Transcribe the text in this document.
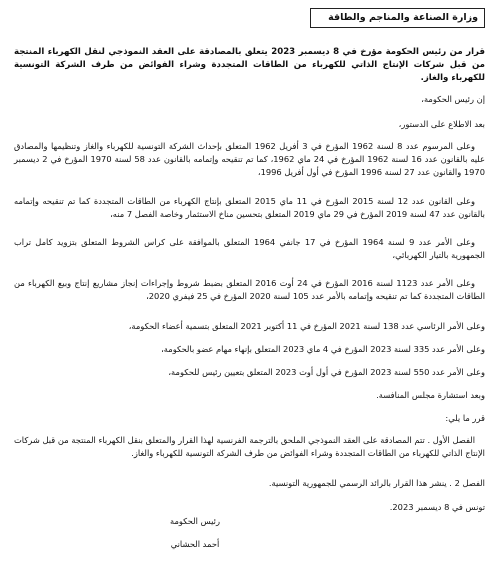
وزارة الصناعة والمناجم والطاقة
قرار من رئيس الحكومة مؤرخ في 8 ديسمبر 2023 يتعلق بالمصادقة على العقد النموذجي لنقل الكهرباء المنتجة من قبل شركات الإنتاج الذاتي للكهرباء من الطاقات المتجددة وشراء الفوائض من طرف الشركة التونسية للكهرباء والغاز.

إن رئيس الحكومة،

بعد الاطلاع على الدستور،

وعلى المرسوم عدد 8 لسنة 1962 المؤرخ في 3 أفريل 1962 المتعلق بإحداث الشركة التونسية للكهرباء والغاز وتنظيمها والمصادق عليه بالقانون عدد 16 لسنة 1962 المؤرخ في 24 ماي 1962، كما تم تنقيحه وإتمامه بالقانون عدد 58 لسنة 1970 المؤرخ في 2 ديسمبر 1970 والقانون عدد 27 لسنة 1996 المؤرخ في أول أفريل 1996،

وعلى القانون عدد 12 لسنة 2015 المؤرخ في 11 ماي 2015 المتعلق بإنتاج الكهرباء من الطاقات المتجددة كما تم تنقيحه وإتمامه بالقانون عدد 47 لسنة 2019 المؤرخ في 29 ماي 2019 المتعلق بتحسين مناخ الاستثمار وخاصة الفصل 7 منه،

وعلى الأمر عدد 9 لسنة 1964 المؤرخ في 17 جانفي 1964 المتعلق بالموافقة على كراس الشروط المتعلق بتزويد كامل تراب الجمهورية بالتيار الكهربائي،

وعلى الأمر عدد 1123 لسنة 2016 المؤرخ في 24 أوت 2016 المتعلق بضبط شروط وإجراءات إنجاز مشاريع إنتاج وبيع الكهرباء من الطاقات المتجددة كما تم تنقيحه وإتمامه بالأمر عدد 105 لسنة 2020 المؤرخ في 25 فيفري 2020،

وعلى الأمر الرئاسي عدد 138 لسنة 2021 المؤرخ في 11 أكتوبر 2021 المتعلق بتسمية أعضاء الحكومة،

وعلى الأمر عدد 335 لسنة 2023 المؤرخ في 4 ماي 2023 المتعلق بإنهاء مهام عضو بالحكومة،

وعلى الأمر عدد 550 لسنة 2023 المؤرخ في أول أوت 2023 المتعلق بتعيين رئيس للحكومة،

وبعد استشارة مجلس المنافسة.

قرر ما يلي:

الفصل الأول . تتم المصادقة على العقد النموذجي الملحق بالترجمة الفرنسية لهذا القرار والمتعلق بنقل الكهرباء المنتجة من قبل شركات الإنتاج الذاتي للكهرباء من الطاقات المتجددة وشراء الفوائض من طرف الشركة التونسية للكهرباء والغاز.

الفصل 2 . ينشر هذا القرار بالرائد الرسمي للجمهورية التونسية.

تونس في 8 ديسمبر 2023.

رئيس الحكومة
أحمد الحشاني
